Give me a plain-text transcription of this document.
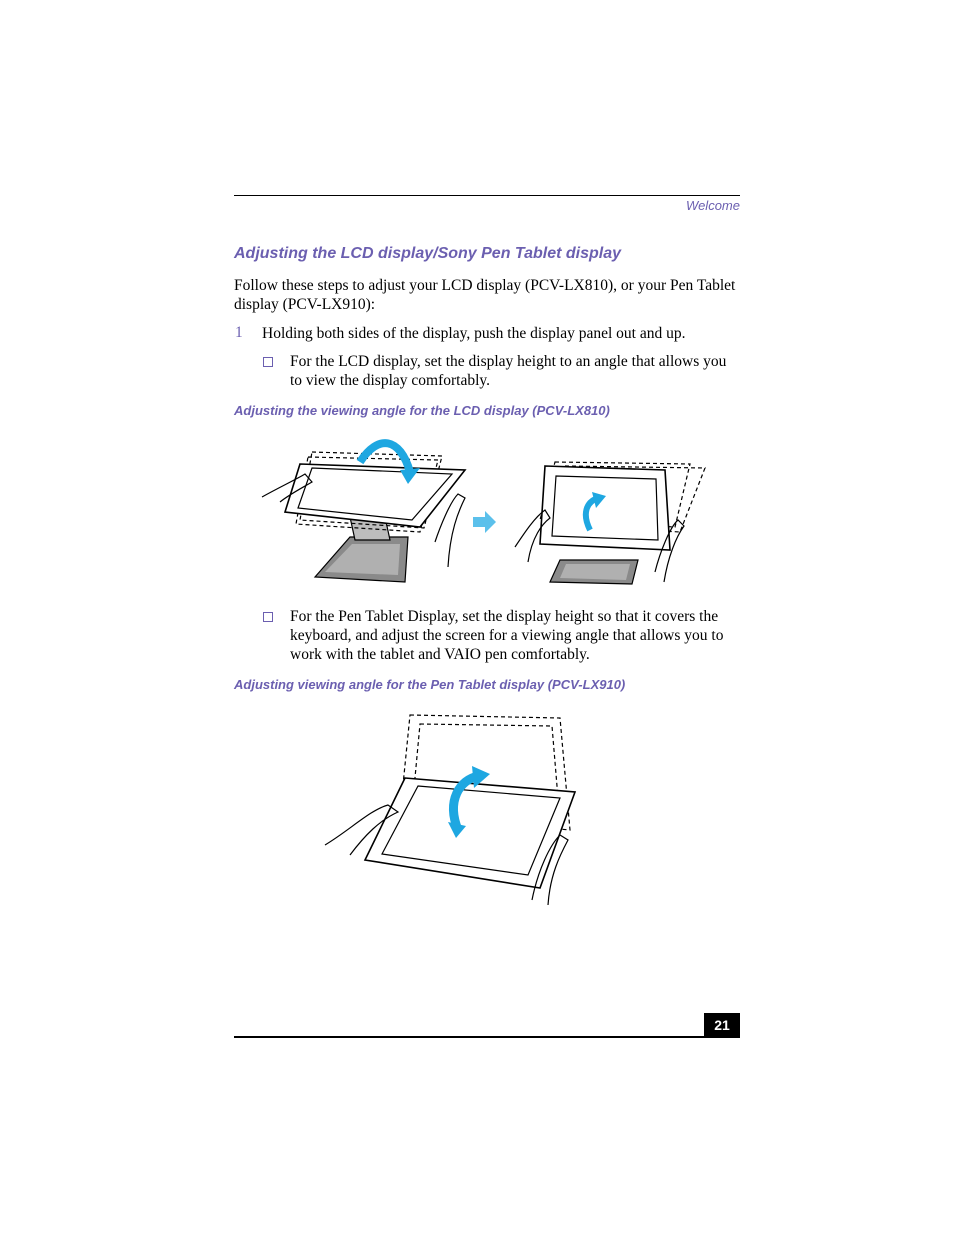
Welcome
Adjusting the LCD display/Sony Pen Tablet display
Follow these steps to adjust your LCD display (PCV-LX810), or your Pen Tablet display (PCV-LX910):
1 Holding both sides of the display, push the display panel out and up.
For the LCD display, set the display height to an angle that allows you to view the display comfortably.
Adjusting the viewing angle for the LCD display (PCV-LX810)
For the Pen Tablet Display, set the display height so that it covers the keyboard, and adjust the screen for a viewing angle that allows you to work with the tablet and VAIO pen comfortably.
Adjusting viewing angle for the Pen Tablet display (PCV-LX910)
21
